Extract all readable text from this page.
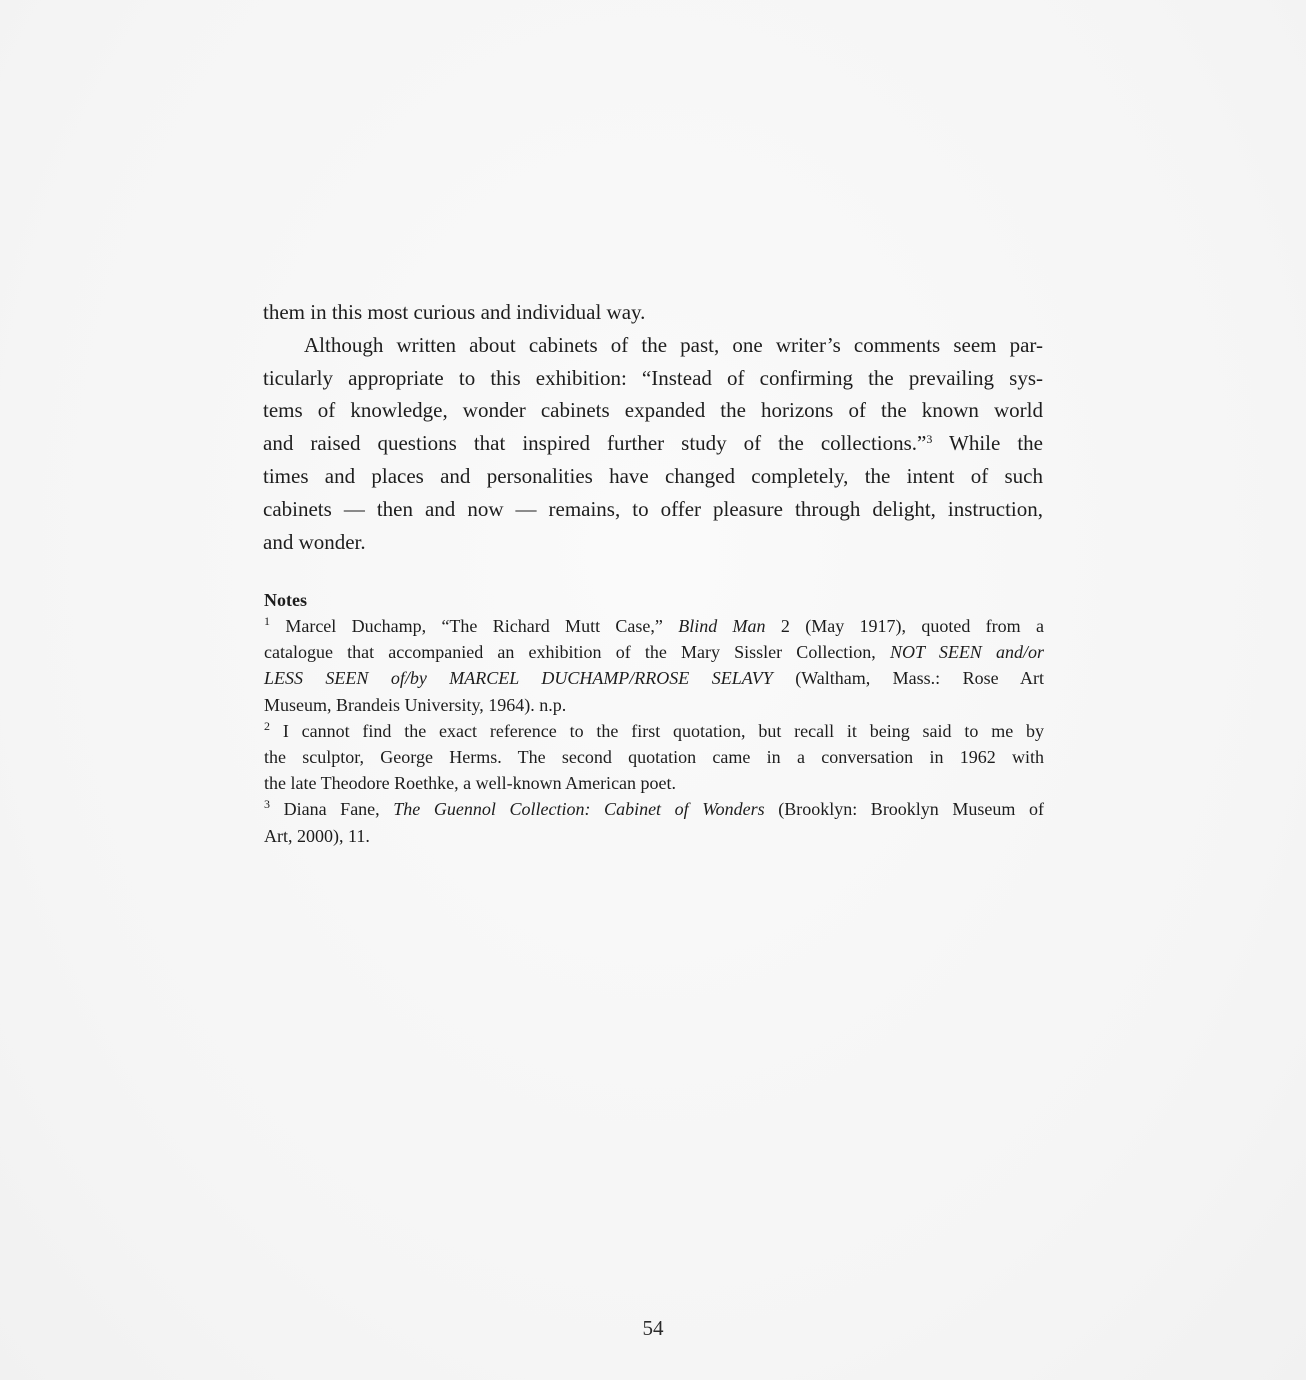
them in this most curious and individual way.
Although written about cabinets of the past, one writer’s comments seem par-
ticularly appropriate to this exhibition: “Instead of confirming the prevailing sys-
tems of knowledge, wonder cabinets expanded the horizons of the known world
and raised questions that inspired further study of the collections.”$^3$ While the
times and places and personalities have changed completely, the intent of such
cabinets — then and now — remains, to offer pleasure through delight, instruction,
and wonder.
Notes
$^1$ Marcel Duchamp, “The Richard Mutt Case,” Blind Man 2 (May 1917), quoted from a
catalogue that accompanied an exhibition of the Mary Sissler Collection, NOT SEEN and/or
LESS SEEN of/by MARCEL DUCHAMP/RROSE SELAVY (Waltham, Mass.: Rose Art
Museum, Brandeis University, 1964). n.p.
$^2$ I cannot find the exact reference to the first quotation, but recall it being said to me by
the sculptor, George Herms. The second quotation came in a conversation in 1962 with
the late Theodore Roethke, a well-known American poet.
$^3$ Diana Fane, The Guennol Collection: Cabinet of Wonders (Brooklyn: Brooklyn Museum of
Art, 2000), 11.
54
